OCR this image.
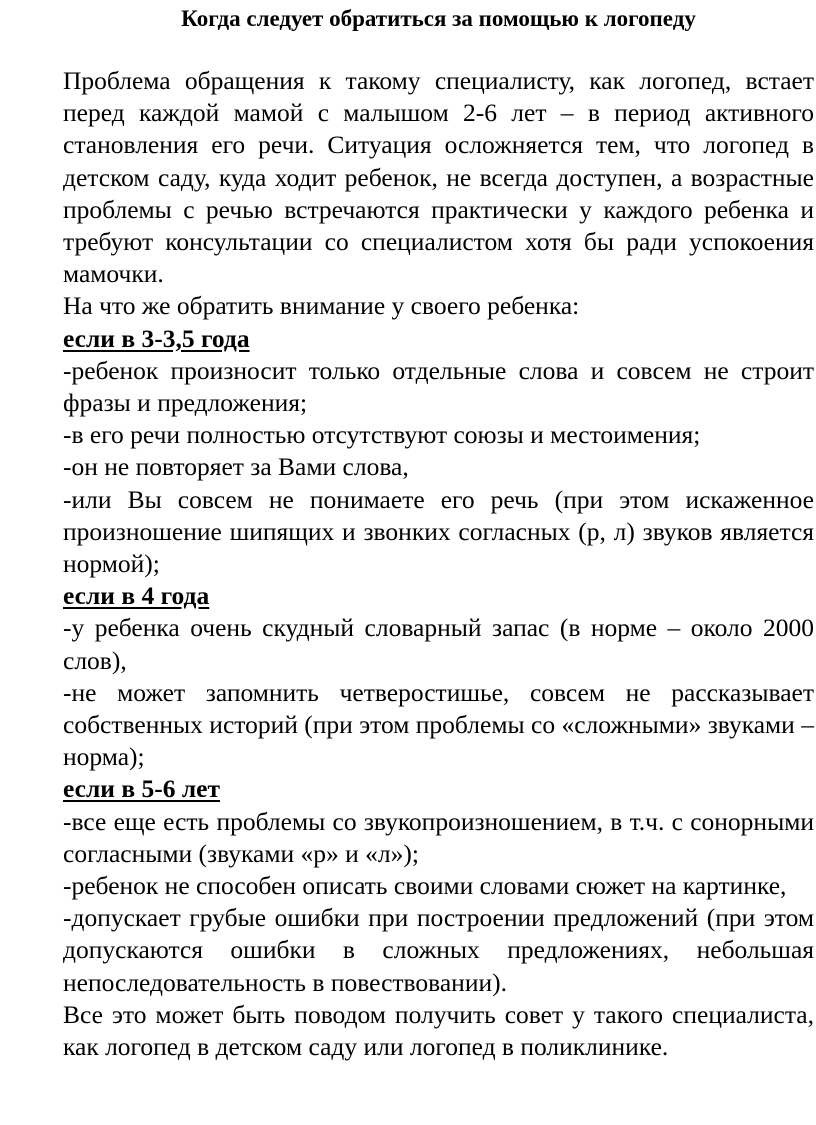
Когда следует обратиться за помощью к логопеду

Проблема обращения к такому специалисту, как логопед, встает перед каждой мамой с малышом 2-6 лет – в период активного становления его речи. Ситуация осложняется тем, что логопед в детском саду, куда ходит ребенок, не всегда доступен, а возрастные проблемы с речью встречаются практически у каждого ребенка и требуют консультации со специалистом хотя бы ради успокоения мамочки.

На что же обратить внимание у своего ребенка:

если в 3-3,5 года

-ребенок произносит только отдельные слова и совсем не строит фразы и предложения;

-в его речи полностью отсутствуют союзы и местоимения;

-он не повторяет за Вами слова,

-или Вы совсем не понимаете его речь (при этом искаженное произношение шипящих и звонких согласных (р, л) звуков является нормой);

если в 4 года

-у ребенка очень скудный словарный запас (в норме – около 2000 слов),

-не может запомнить четверостишье, совсем не рассказывает собственных историй (при этом проблемы со «сложными» звуками – норма);

если в 5-6 лет

-все еще есть проблемы со звукопроизношением, в т.ч. с сонорными согласными (звуками «р» и «л»);

-ребенок не способен описать своими словами сюжет на картинке,

-допускает грубые ошибки при построении предложений (при этом допускаются ошибки в сложных предложениях, небольшая непоследовательность в повествовании).

Все это может быть поводом получить совет у такого специалиста, как логопед в детском саду или логопед в поликлинике.
